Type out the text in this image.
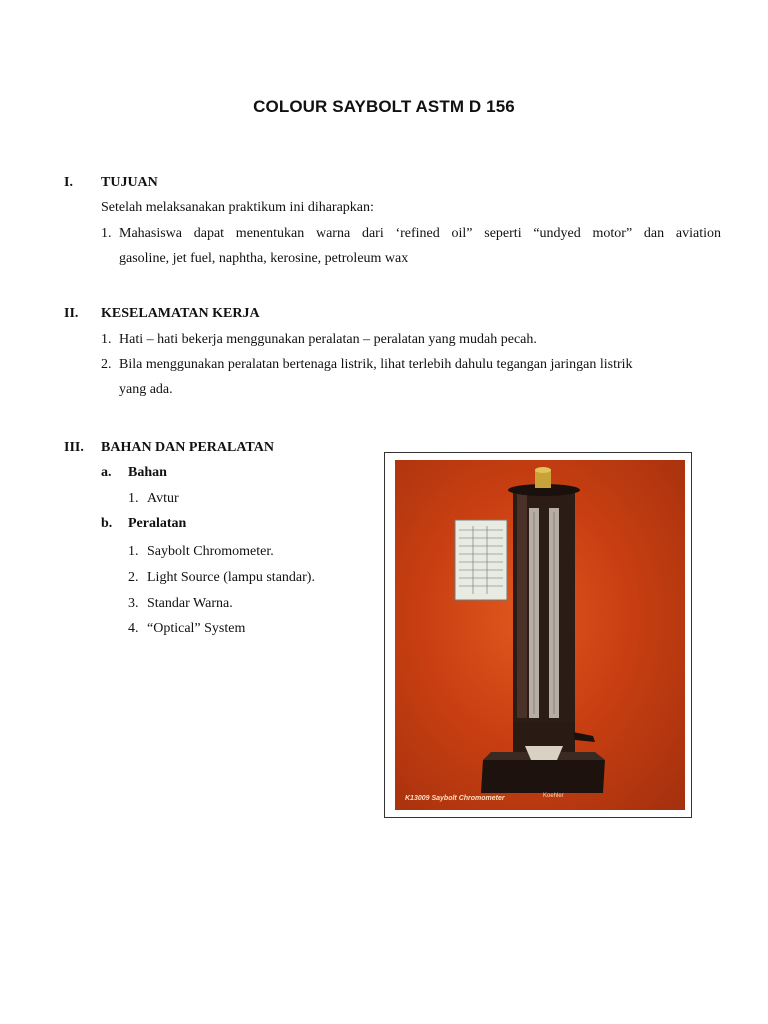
COLOUR SAYBOLT ASTM D 156
I. TUJUAN
Setelah melaksanakan praktikum ini diharapkan:
1. Mahasiswa dapat menentukan warna dari ‘refined oil” seperti “undyed motor” dan aviation
gasoline, jet fuel, naphtha, kerosine, petroleum wax
II. KESELAMATAN KERJA
1. Hati – hati bekerja menggunakan peralatan – peralatan yang mudah pecah.
2. Bila menggunakan peralatan bertenaga listrik, lihat terlebih dahulu tegangan jaringan listrik
yang ada.
III. BAHAN DAN PERALATAN
a. Bahan
1. Avtur
b. Peralatan
1. Saybolt Chromometer.
2. Light Source (lampu standar).
3. Standar Warna.
4. “Optical” System
K13009 Saybolt Chromometer	Koehler
